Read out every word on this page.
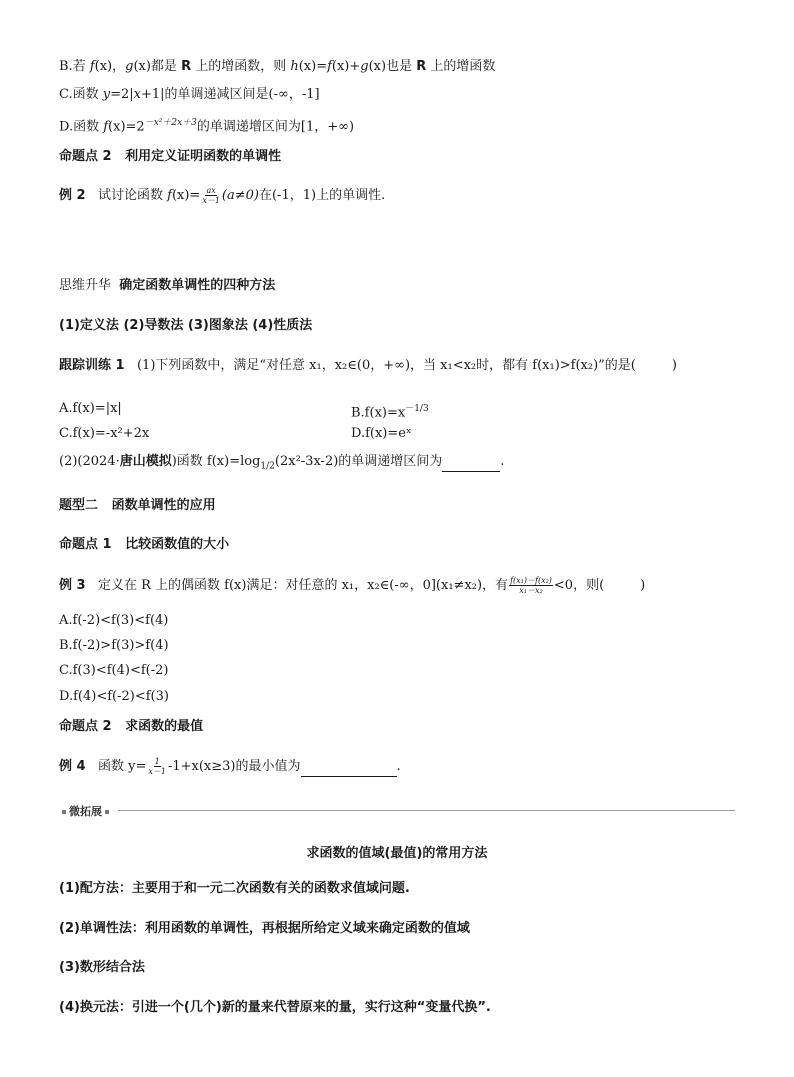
B.若 f(x)，g(x)都是 R 上的增函数，则 h(x)=f(x)+g(x)也是 R 上的增函数
C.函数 y=2|x+1|的单调递减区间是(-∞，-1]
D.函数 $f(x)=2^{-x^2+2x+3}$的单调递增区间为[1，+∞)
命题点 2 利用定义证明函数的单调性
例 2 试讨论函数 $f(x)= \frac{ax}{x-1} (a\ne 0)$在(-1，1)上的单调性.
思维升华 确定函数单调性的四种方法
(1)定义法 (2)导数法 (3)图象法 (4)性质法
跟踪训练 1 (1)下列函数中，满足“对任意 x₁，x₂∈(0，+∞)，当 x₁<x₂时，都有 f(x₁)>f(x₂)”的是(	)
A.f(x)=|x|	$B.f(x)=x^{-1/3}$
C.f(x)=-x²+2x	D.f(x)=eˣ
(2)(2024·唐山模拟)函数 $f(x)=\log_{1/2}(2x^2-3x-2)$的单调递增区间为	.
题型二 函数单调性的应用
命题点 1 比较函数值的大小
例 3 定义在 R 上的偶函数 f(x)满足：对任意的 x₁，x₂∈(-∞，0](x₁≠x₂)，有 $\frac{\text{f(x₁)－f(x₂)}}{\text{x₁－x₂}} <0$，则(	)
A.f(-2)<f(3)<f(4)
B.f(-2)>f(3)>f(4)
C.f(3)<f(4)<f(-2)
D.f(4)<f(-2)<f(3)
命题点 2 求函数的最值
例 4 函数 $y= \frac{1}{x-1} -1+x(x\ge 3)$的最小值为	.
微拓展
求函数的值域(最值)的常用方法
(1)配方法：主要用于和一元二次函数有关的函数求值域问题.
(2)单调性法：利用函数的单调性，再根据所给定义域来确定函数的值域
(3)数形结合法
(4)换元法：引进一个(几个)新的量来代替原来的量，实行这种“变量代换”.
